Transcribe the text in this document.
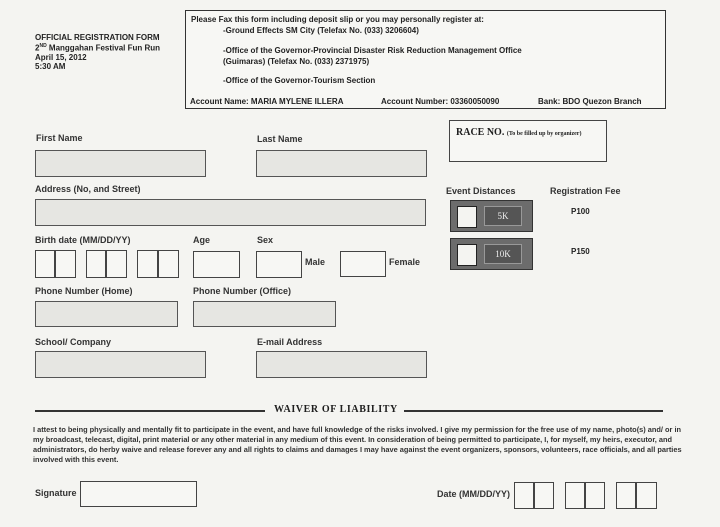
OFFICIAL REGISTRATION FORM
2ND Manggahan Festival Fun Run
April 15, 2012
5:30 AM
Please Fax this form including deposit slip or you may personally register at:
-Ground Effects SM City (Telefax No. (033) 3206604)
-Office of the Governor-Provincial Disaster Risk Reduction Management Office
(Guimaras) (Telefax No. (033) 2371975)
-Office of the Governor-Tourism Section
Account Name: MARIA MYLENE ILLERA	Account Number: 03360050090	Bank: BDO Quezon Branch
RACE NO. (To be filled up by organizer)
First Name	Last Name
Address (No, and Street)	Event Distances	Registration Fee
5K	P100
10K	P150
Birth date (MM/DD/YY)	Age	Sex
Male	Female
Phone Number (Home)	Phone Number (Office)
School/ Company	E-mail Address
WAIVER OF LIABILITY
I attest to being physically and mentally fit to participate in the event, and have full knowledge of the risks involved. I give my permission for the free use of my name, photo(s) and/ or in my broadcast, telecast, digital, print material or any other material in any medium of this event. In consideration of being permitted to participate, I, for myself, my heirs, executor, and administrators, do herby waive and release forever any and all rights to claims and damages I may have against the event organizers, sponsors, volunteers, race officials, and all parties involved with this event.
Signature	Date (MM/DD/YY)
